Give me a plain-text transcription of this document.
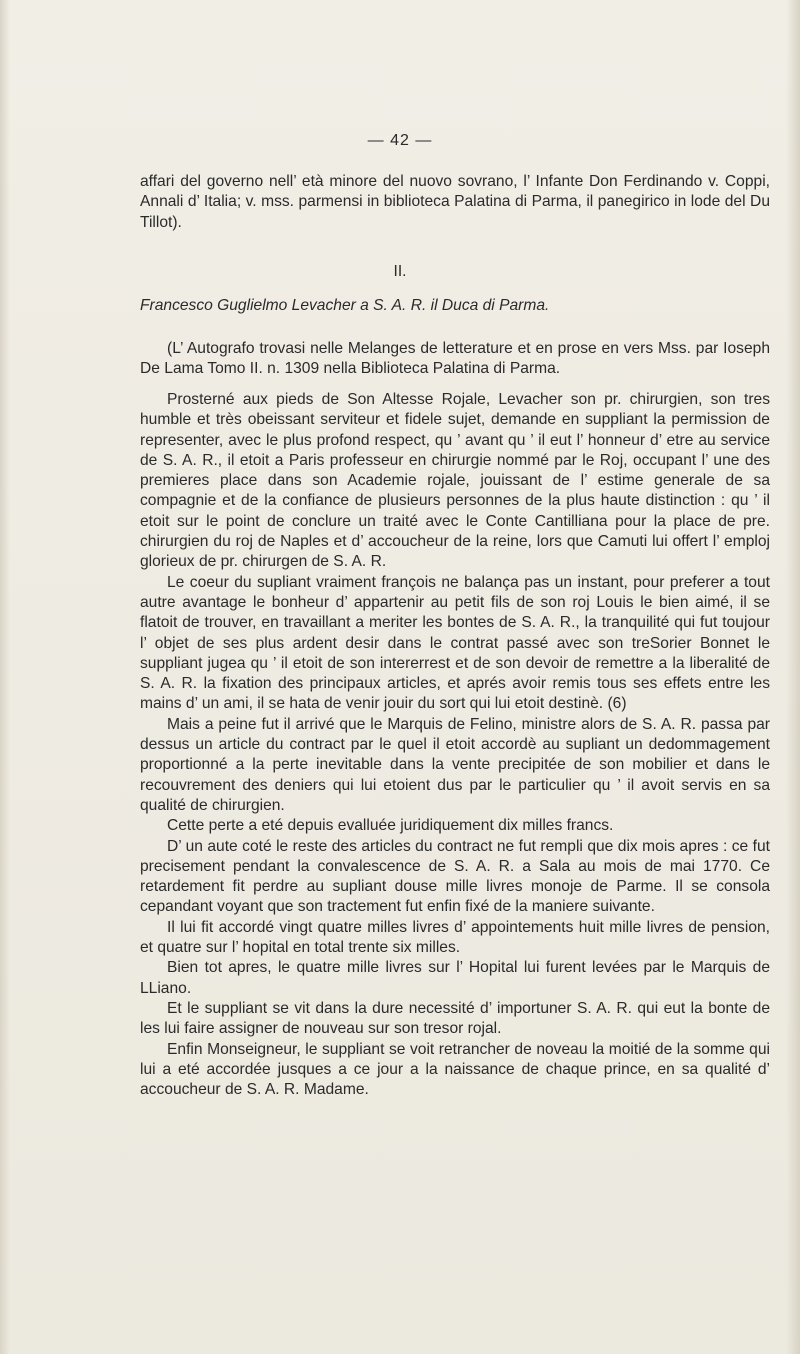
— 42 —

affari del governo nell’ età minore del nuovo sovrano, l’ Infante Don Ferdinando v. Coppi, Annali d’ Italia; v. mss. parmensi in biblioteca Palatina di Parma, il panegirico in lode del Du Tillot).

II.
Francesco Guglielmo Levacher a S. A. R. il Duca di Parma.
(L’ Autografo trovasi nelle Melanges de letterature et en prose en vers Mss. par Ioseph De Lama Tomo II. n. 1309 nella Biblioteca Palatina di Parma.

Prosterné aux pieds de Son Altesse Rojale, Levacher son pr. chirurgien, son tres humble et très obeissant serviteur et fidele sujet, demande en suppliant la permission de representer, avec le plus profond respect, qu ’ avant qu ’ il eut l’ honneur d’ etre au service de S. A. R., il etoit a Paris professeur en chirurgie nommé par le Roj, occupant l’ une des premieres place dans son Academie rojale, jouissant de l’ estime generale de sa compagnie et de la confiance de plusieurs personnes de la plus haute distinction : qu ’ il etoit sur le point de conclure un traité avec le Conte Cantilliana pour la place de pre. chirurgien du roj de Naples et d’ accoucheur de la reine, lors que Camuti lui offert l’ emploj glorieux de pr. chirurgen de S. A. R.

Le coeur du supliant vraiment françois ne balança pas un instant, pour preferer a tout autre avantage le bonheur d’ appartenir au petit fils de son roj Louis le bien aimé, il se flatoit de trouver, en travaillant a meriter les bontes de S. A. R., la tranquilité qui fut toujour l’ objet de ses plus ardent desir dans le contrat passé avec son treSorier Bonnet le suppliant jugea qu ’ il etoit de son intererrest et de son devoir de remettre a la liberalité de S. A. R. la fixation des principaux articles, et aprés avoir remis tous ses effets entre les mains d’ un ami, il se hata de venir jouir du sort qui lui etoit destinè. (6)

Mais a peine fut il arrivé que le Marquis de Felino, ministre alors de S. A. R. passa par dessus un article du contract par le quel il etoit accordè au supliant un dedommagement proportionné a la perte inevitable dans la vente precipitée de son mobilier et dans le recouvrement des deniers qui lui etoient dus par le particulier qu ’ il avoit servis en sa qualité de chirurgien.

Cette perte a eté depuis evalluée juridiquement dix milles francs.

D’ un aute coté le reste des articles du contract ne fut rempli que dix mois apres : ce fut precisement pendant la convalescence de S. A. R. a Sala au mois de mai 1770. Ce retardement fit perdre au supliant douse mille livres monoje de Parme. Il se consola cepandant voyant que son tractement fut enfin fixé de la maniere suivante.

Il lui fit accordé vingt quatre milles livres d’ appointements huit mille livres de pension, et quatre sur l’ hopital en total trente six milles.

Bien tot apres, le quatre mille livres sur l’ Hopital lui furent levées par le Marquis de LLiano.

Et le suppliant se vit dans la dure necessité d’ importuner S. A. R. qui eut la bonte de les lui faire assigner de nouveau sur son tresor rojal.

Enfin Monseigneur, le suppliant se voit retrancher de noveau la moitié de la somme qui lui a eté accordée jusques a ce jour a la naissance de chaque prince, en sa qualité d’ accoucheur de S. A. R. Madame.
